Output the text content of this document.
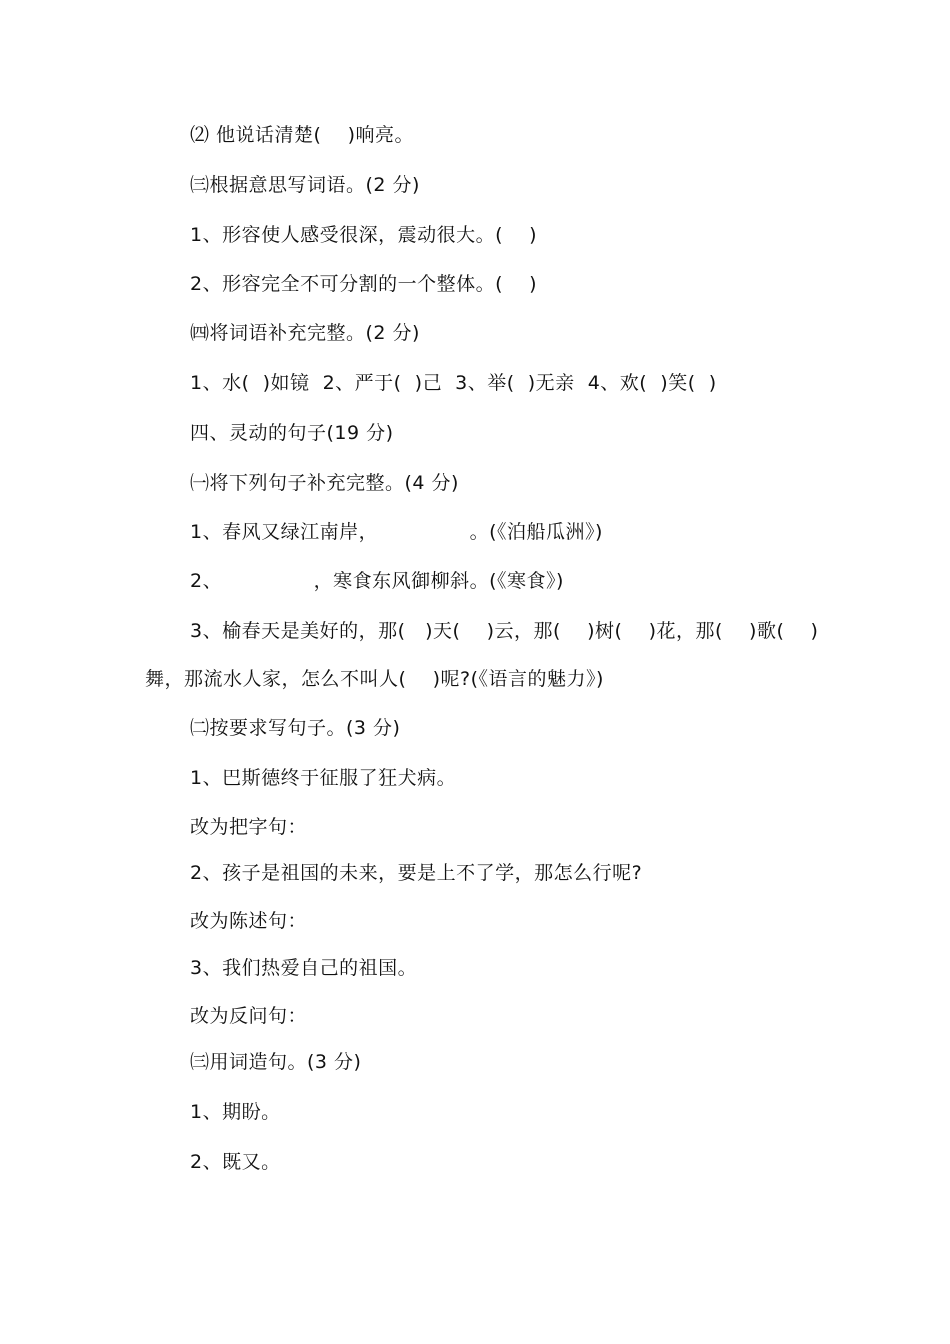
⑵ 他说话清楚(    )响亮。
㈢根据意思写词语。(2 分)
1、形容使人感受很深，震动很大。(    )
2、形容完全不可分割的一个整体。(    )
㈣将词语补充完整。(2 分)
1、水(  )如镜  2、严于(  )己  3、举(  )无亲  4、欢(  )笑(  )
四、灵动的句子(19 分)
㈠将下列句子补充完整。(4 分)
1、春风又绿江南岸，              。(《泊船瓜洲》)
2、              ，寒食东风御柳斜。(《寒食》)
3、榆春天是美好的，那(   )天(    )云，那(    )树(    )花，那(    )歌(    )
舞，那流水人家，怎么不叫人(    )呢?(《语言的魅力》)
㈡按要求写句子。(3 分)
1、巴斯德终于征服了狂犬病。
改为把字句：
2、孩子是祖国的未来，要是上不了学，那怎么行呢?
改为陈述句：
3、我们热爱自己的祖国。
改为反问句：
㈢用词造句。(3 分)
1、期盼。
2、既又。
